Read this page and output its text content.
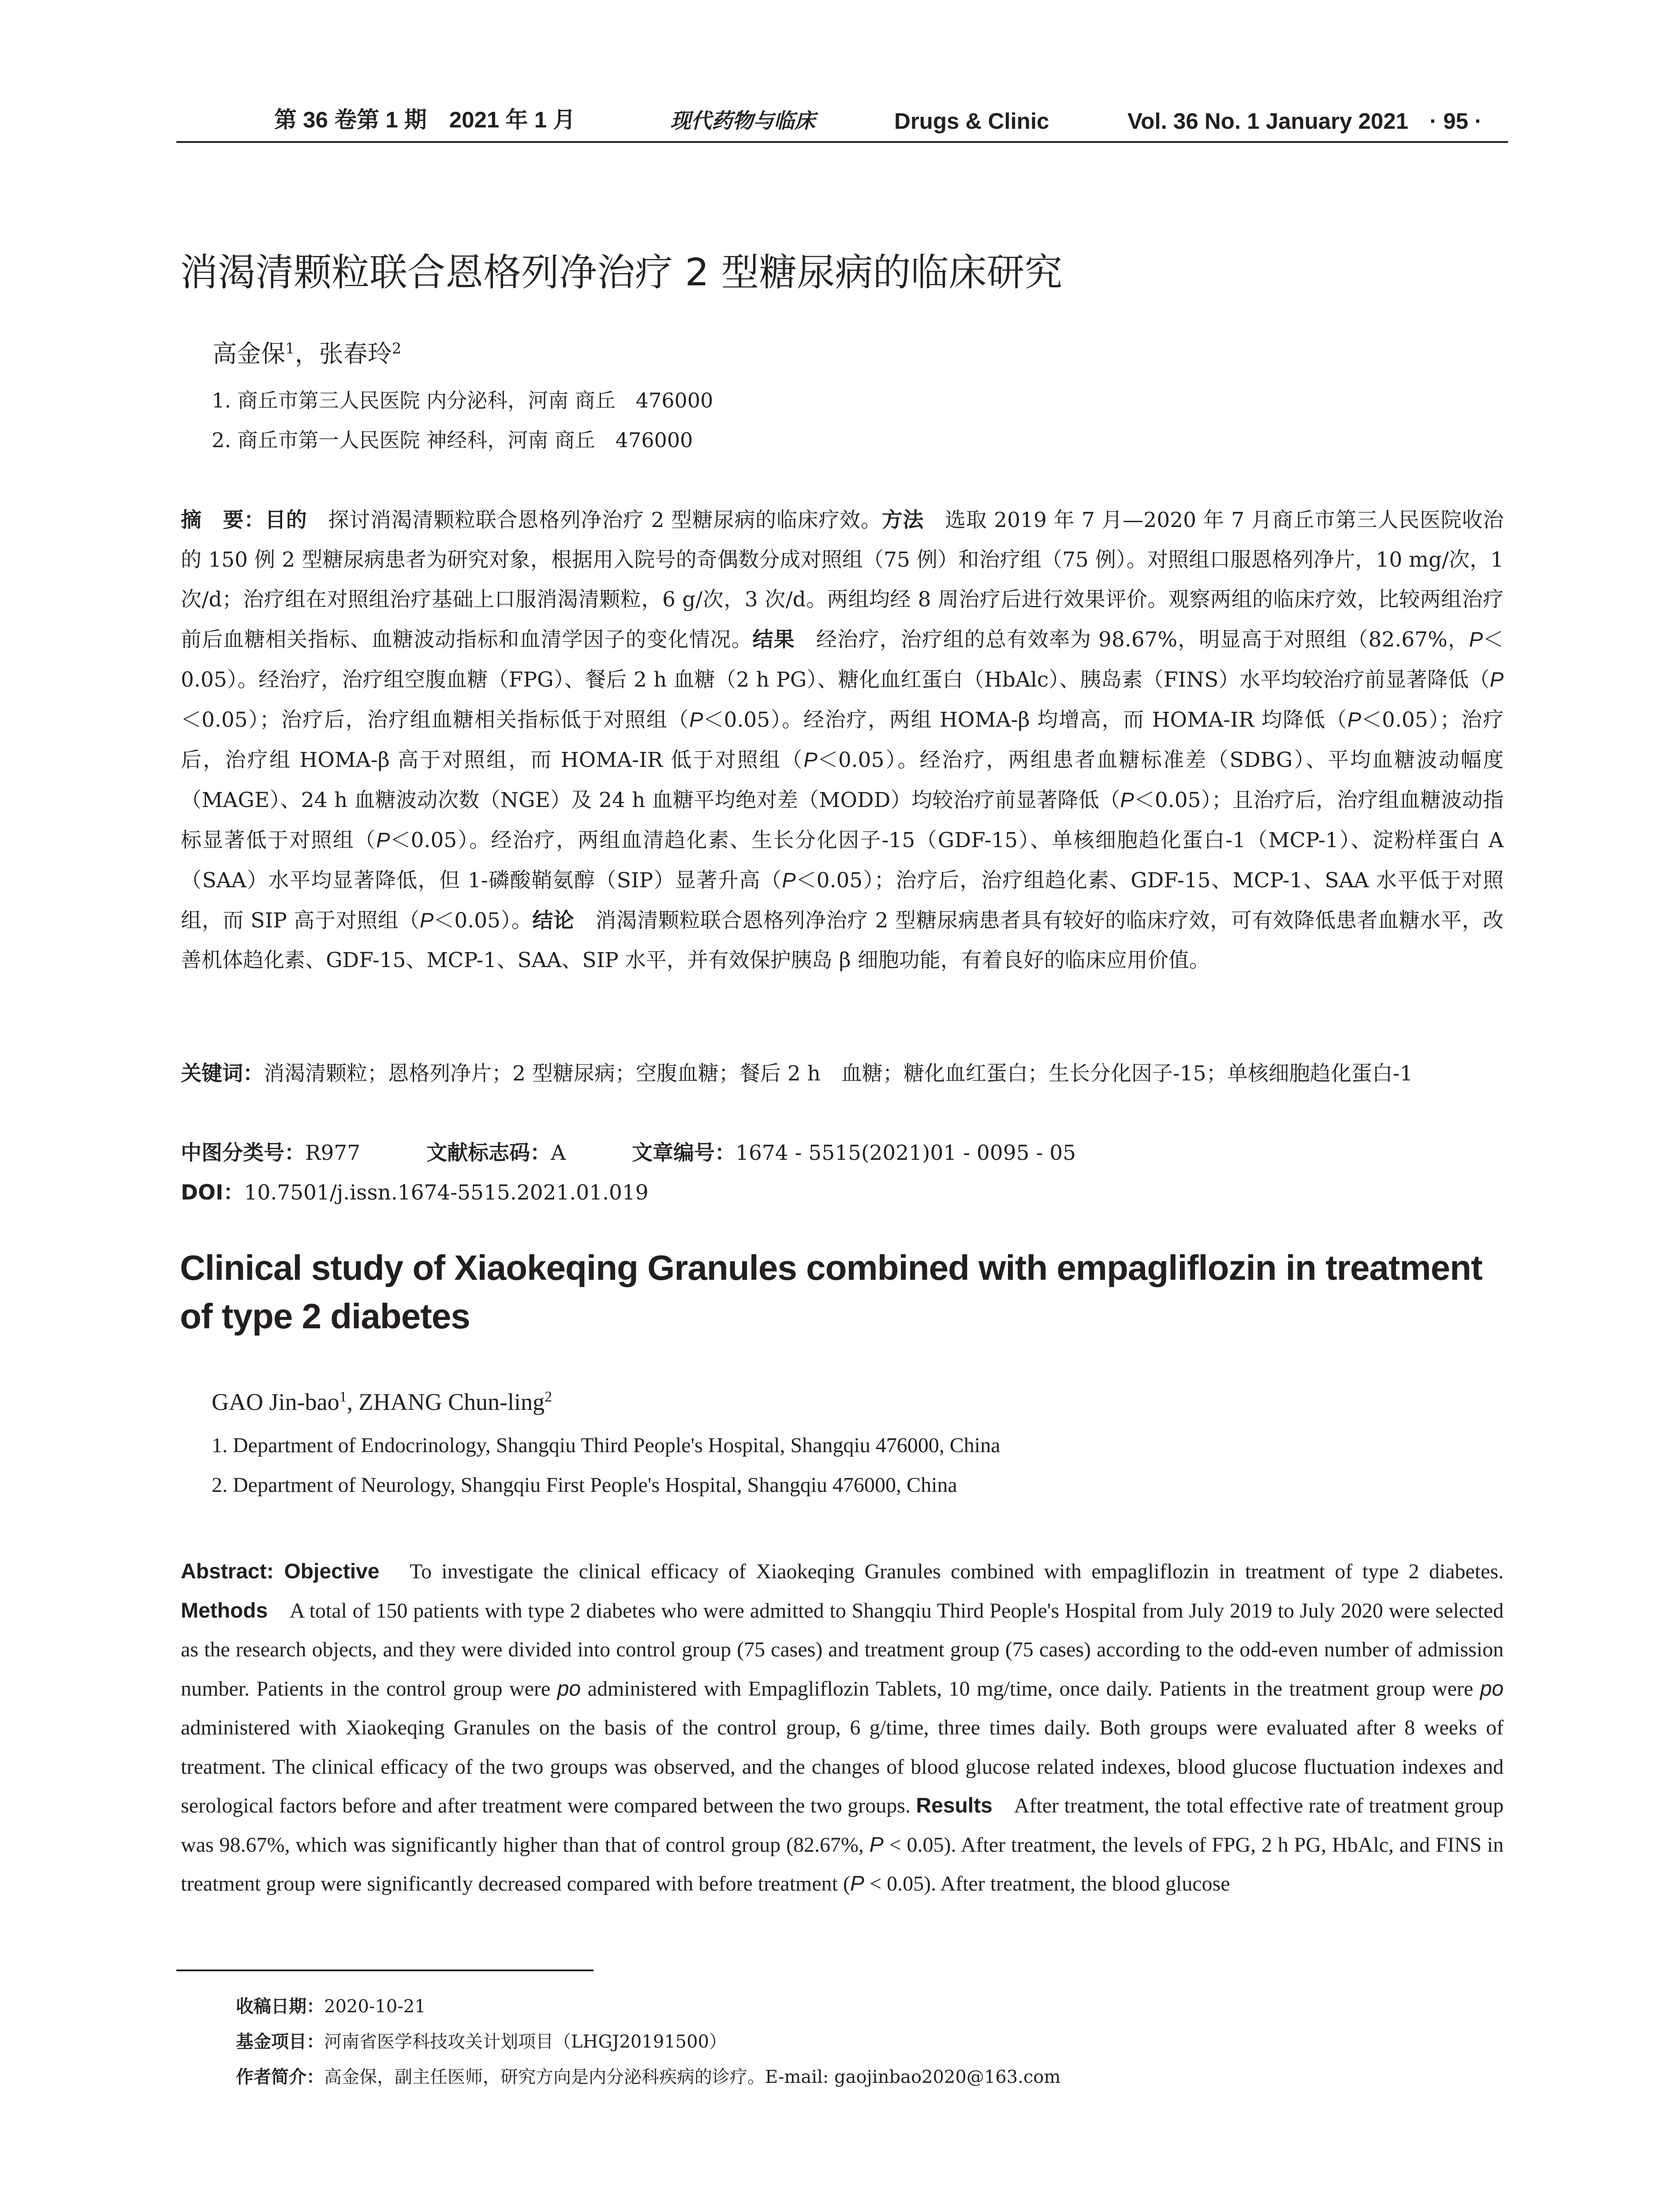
第 36 卷第 1 期　2021 年 1 月	现代药物与临床	Drugs & Clinic	Vol. 36 No. 1 January 2021 · 95 ·
消渴清颗粒联合恩格列净治疗 2 型糖尿病的临床研究
高金保$^1$，张春玲$^2$
1. 商丘市第三人民医院 内分泌科，河南 商丘　476000
2. 商丘市第一人民医院 神经科，河南 商丘　476000
摘　要：目的　探讨消渴清颗粒联合恩格列净治疗 2 型糖尿病的临床疗效。方法　选取 2019 年 7 月—2020 年 7 月商丘市第三人民医院收治的 150 例 2 型糖尿病患者为研究对象，根据用入院号的奇偶数分成对照组（75 例）和治疗组（75 例）。对照组口服恩格列净片，10 mg/次，1 次/d；治疗组在对照组治疗基础上口服消渴清颗粒，6 g/次，3 次/d。两组均经 8 周治疗后进行效果评价。观察两组的临床疗效，比较两组治疗前后血糖相关指标、血糖波动指标和血清学因子的变化情况。结果　经治疗，治疗组的总有效率为 98.67%，明显高于对照组（82.67%，P＜0.05）。经治疗，治疗组空腹血糖（FPG）、餐后 2 h 血糖（2 h PG）、糖化血红蛋白（HbAlc）、胰岛素（FINS）水平均较治疗前显著降低（P＜0.05）；治疗后，治疗组血糖相关指标低于对照组（P＜0.05）。经治疗，两组 HOMA-β 均增高，而 HOMA-IR 均降低（P＜0.05）；治疗后，治疗组 HOMA-β 高于对照组，而 HOMA-IR 低于对照组（P＜0.05）。经治疗，两组患者血糖标准差（SDBG）、平均血糖波动幅度（MAGE）、24 h 血糖波动次数（NGE）及 24 h 血糖平均绝对差（MODD）均较治疗前显著降低（P＜0.05）；且治疗后，治疗组血糖波动指标显著低于对照组（P＜0.05）。经治疗，两组血清趋化素、生长分化因子-15（GDF-15）、单核细胞趋化蛋白-1（MCP-1）、淀粉样蛋白 A（SAA）水平均显著降低，但 1-磷酸鞘氨醇（SIP）显著升高（P＜0.05）；治疗后，治疗组趋化素、GDF-15、MCP-1、SAA 水平低于对照组，而 SIP 高于对照组（P＜0.05）。结论　消渴清颗粒联合恩格列净治疗 2 型糖尿病患者具有较好的临床疗效，可有效降低患者血糖水平，改善机体趋化素、GDF-15、MCP-1、SAA、SIP 水平，并有效保护胰岛 β 细胞功能，有着良好的临床应用价值。
关键词：消渴清颗粒；恩格列净片；2 型糖尿病；空腹血糖；餐后 2 h　血糖；糖化血红蛋白；生长分化因子-15；单核细胞趋化蛋白-1
中图分类号：R977	文献标志码：A	文章编号：1674 - 5515(2021)01 - 0095 - 05
DOI：10.7501/j.issn.1674-5515.2021.01.019
Clinical study of Xiaokeqing Granules combined with empagliflozin in treatment of type 2 diabetes
GAO Jin-bao$^1$, ZHANG Chun-ling$^2$
1. Department of Endocrinology, Shangqiu Third People's Hospital, Shangqiu 476000, China
2. Department of Neurology, Shangqiu First People's Hospital, Shangqiu 476000, China
Abstract: Objective　To investigate the clinical efficacy of Xiaokeqing Granules combined with empagliflozin in treatment of type 2 diabetes. Methods　A total of 150 patients with type 2 diabetes who were admitted to Shangqiu Third People's Hospital from July 2019 to July 2020 were selected as the research objects, and they were divided into control group (75 cases) and treatment group (75 cases) according to the odd-even number of admission number. Patients in the control group were po administered with Empagliflozin Tablets, 10 mg/time, once daily. Patients in the treatment group were po administered with Xiaokeqing Granules on the basis of the control group, 6 g/time, three times daily. Both groups were evaluated after 8 weeks of treatment. The clinical efficacy of the two groups was observed, and the changes of blood glucose related indexes, blood glucose fluctuation indexes and serological factors before and after treatment were compared between the two groups. Results　After treatment, the total effective rate of treatment group was 98.67%, which was significantly higher than that of control group (82.67%, P < 0.05). After treatment, the levels of FPG, 2 h PG, HbAlc, and FINS in treatment group were significantly decreased compared with before treatment (P < 0.05). After treatment, the blood glucose
收稿日期：2020-10-21
基金项目：河南省医学科技攻关计划项目（LHGJ20191500）
作者简介：高金保，副主任医师，研究方向是内分泌科疾病的诊疗。E-mail: gaojinbao2020@163.com
